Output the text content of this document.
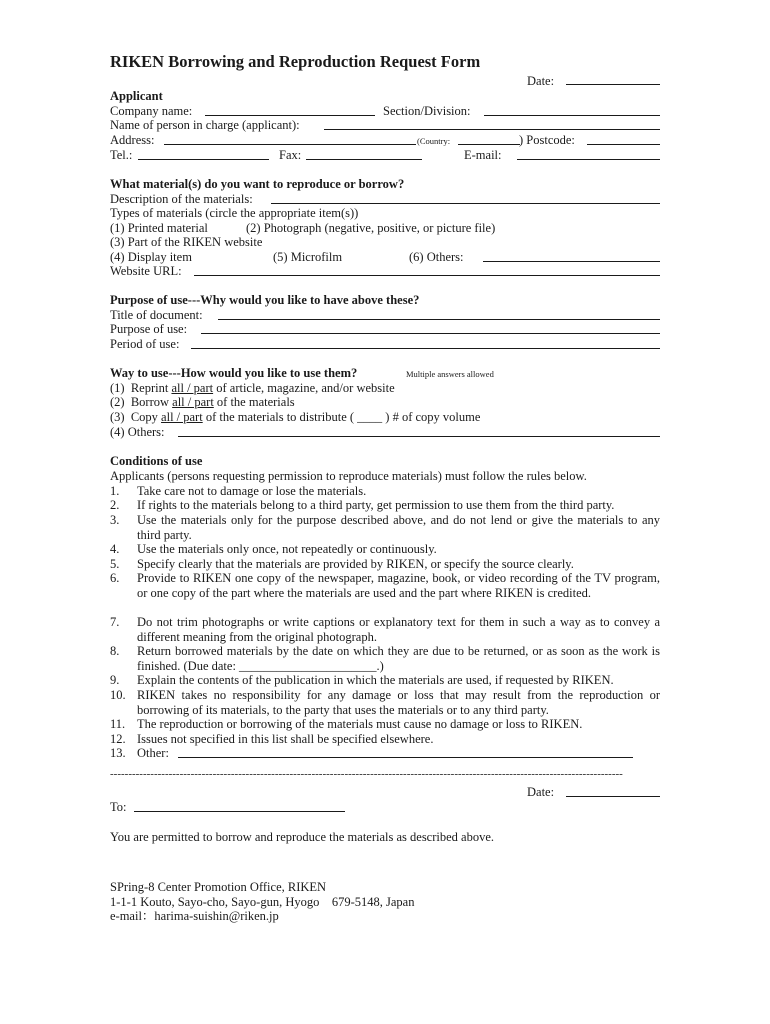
RIKEN Borrowing and Reproduction Request Form
Date:
Applicant
Company name:	Section/Division:
Name of person in charge (applicant):
Address:	(Country:	) Postcode:
Tel.:	Fax:	E-mail:
What material(s) do you want to reproduce or borrow?
Description of the materials:
Types of materials (circle the appropriate item(s))
(1) Printed material	(2) Photograph (negative, positive, or picture file)
(3) Part of the RIKEN website
(4) Display item	(5) Microfilm	(6) Others:
Website URL:
Purpose of use---Why would you like to have above these?
Title of document:
Purpose of use:
Period of use:
Way to use---How would you like to use them?	Multiple answers allowed
(1)  Reprint all / part of article, magazine, and/or website
(2)  Borrow all / part of the materials
(3)  Copy all / part of the materials to distribute ( ____ ) # of copy volume
(4) Others:
Conditions of use
Applicants (persons requesting permission to reproduce materials) must follow the rules below.
1. Take care not to damage or lose the materials.
2. If rights to the materials belong to a third party, get permission to use them from the third party.
3. Use the materials only for the purpose described above, and do not lend or give the materials to any third party.
4. Use the materials only once, not repeatedly or continuously.
5. Specify clearly that the materials are provided by RIKEN, or specify the source clearly.
6. Provide to RIKEN one copy of the newspaper, magazine, book, or video recording of the TV program, or one copy of the part where the materials are used and the part where RIKEN is credited.
7. Do not trim photographs or write captions or explanatory text for them in such a way as to convey a different meaning from the original photograph.
8. Return borrowed materials by the date on which they are due to be returned, or as soon as the work is finished. (Due date: ______________________.)
9. Explain the contents of the publication in which the materials are used, if requested by RIKEN.
10. RIKEN takes no responsibility for any damage or loss that may result from the reproduction or borrowing of its materials, to the party that uses the materials or to any third party.
11. The reproduction or borrowing of the materials must cause no damage or loss to RIKEN.
12. Issues not specified in this list shall be specified elsewhere.
13. Other:
--------------------------------------------------------------------------------------------------------------------------------------------
Date:
To:
You are permitted to borrow and reproduce the materials as described above.
SPring-8 Center Promotion Office, RIKEN
1-1-1 Kouto, Sayo-cho, Sayo-gun, Hyogo    679-5148, Japan
e-mail：harima-suishin@riken.jp
